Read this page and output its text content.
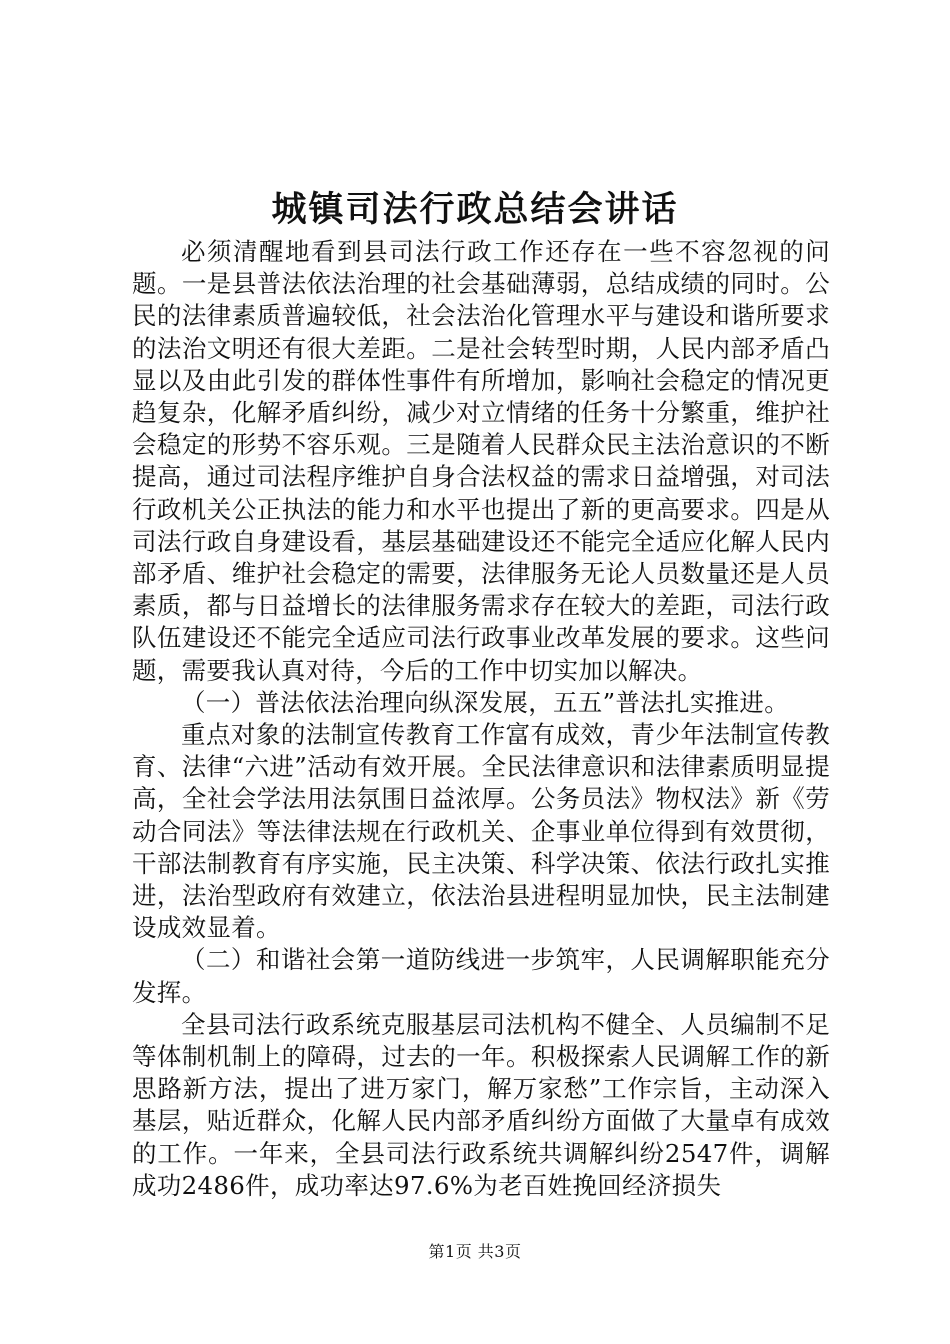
城镇司法行政总结会讲话

必须清醒地看到县司法行政工作还存在一些不容忽视的问题。一是县普法依法治理的社会基础薄弱，总结成绩的同时。公民的法律素质普遍较低，社会法治化管理水平与建设和谐所要求的法治文明还有很大差距。二是社会转型时期，人民内部矛盾凸显以及由此引发的群体性事件有所增加，影响社会稳定的情况更趋复杂，化解矛盾纠纷，减少对立情绪的任务十分繁重，维护社会稳定的形势不容乐观。三是随着人民群众民主法治意识的不断提高，通过司法程序维护自身合法权益的需求日益增强，对司法行政机关公正执法的能力和水平也提出了新的更高要求。四是从司法行政自身建设看，基层基础建设还不能完全适应化解人民内部矛盾、维护社会稳定的需要，法律服务无论人员数量还是人员素质，都与日益增长的法律服务需求存在较大的差距，司法行政队伍建设还不能完全适应司法行政事业改革发展的要求。这些问题，需要我认真对待，今后的工作中切实加以解决。

（一）普法依法治理向纵深发展，五五”普法扎实推进。

重点对象的法制宣传教育工作富有成效，青少年法制宣传教育、法律“六进”活动有效开展。全民法律意识和法律素质明显提高，全社会学法用法氛围日益浓厚。公务员法》物权法》新《劳动合同法》等法律法规在行政机关、企事业单位得到有效贯彻，干部法制教育有序实施，民主决策、科学决策、依法行政扎实推进，法治型政府有效建立，依法治县进程明显加快，民主法制建设成效显着。

（二）和谐社会第一道防线进一步筑牢，人民调解职能充分发挥。

全县司法行政系统克服基层司法机构不健全、人员编制不足等体制机制上的障碍，过去的一年。积极探索人民调解工作的新思路新方法，提出了进万家门，解万家愁”工作宗旨，主动深入基层，贴近群众，化解人民内部矛盾纠纷方面做了大量卓有成效的工作。一年来，全县司法行政系统共调解纠纷2547件，调解成功2486件，成功率达97.6%为老百姓挽回经济损失

第1页 共3页
